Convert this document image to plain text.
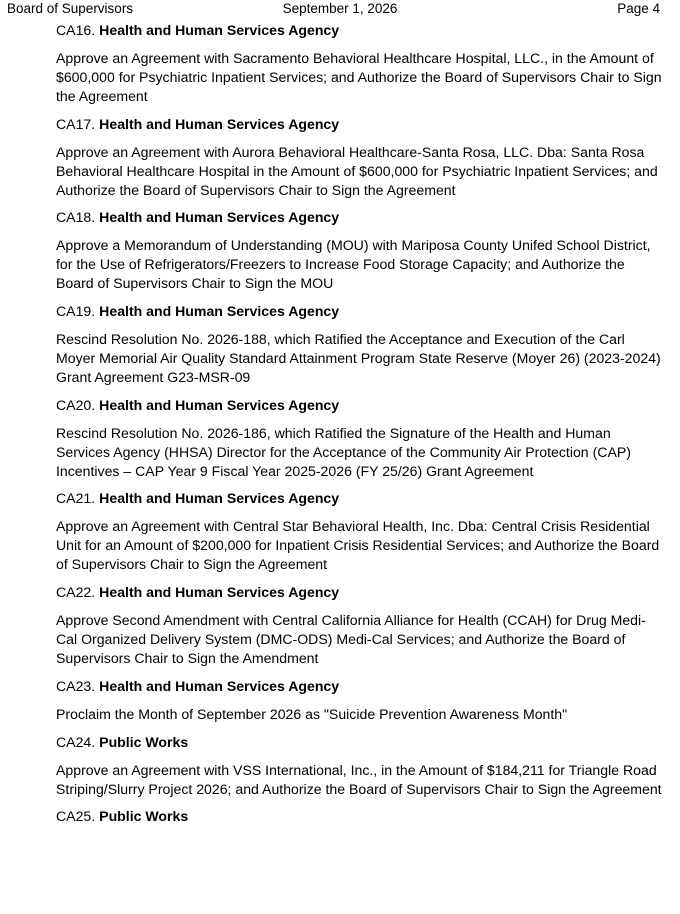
Board of Supervisors	September 1, 2026	Page 4

CA16. Health and Human Services Agency

Approve an Agreement with Sacramento Behavioral Healthcare Hospital, LLC., in the Amount of $600,000 for Psychiatric Inpatient Services; and Authorize the Board of Supervisors Chair to Sign the Agreement

CA17. Health and Human Services Agency

Approve an Agreement with Aurora Behavioral Healthcare-Santa Rosa, LLC. Dba: Santa Rosa Behavioral Healthcare Hospital in the Amount of $600,000 for Psychiatric Inpatient Services; and Authorize the Board of Supervisors Chair to Sign the Agreement

CA18. Health and Human Services Agency

Approve a Memorandum of Understanding (MOU) with Mariposa County Unifed School District, for the Use of Refrigerators/Freezers to Increase Food Storage Capacity; and Authorize the Board of Supervisors Chair to Sign the MOU

CA19. Health and Human Services Agency

Rescind Resolution No. 2026-188, which Ratified the Acceptance and Execution of the Carl Moyer Memorial Air Quality Standard Attainment Program State Reserve (Moyer 26) (2023-2024) Grant Agreement G23-MSR-09

CA20. Health and Human Services Agency

Rescind Resolution No. 2026-186, which Ratified the Signature of the Health and Human Services Agency (HHSA) Director for the Acceptance of the Community Air Protection (CAP) Incentives – CAP Year 9 Fiscal Year 2025-2026 (FY 25/26) Grant Agreement

CA21. Health and Human Services Agency

Approve an Agreement with Central Star Behavioral Health, Inc. Dba: Central Crisis Residential Unit for an Amount of $200,000 for Inpatient Crisis Residential Services; and Authorize the Board of Supervisors Chair to Sign the Agreement

CA22. Health and Human Services Agency

Approve Second Amendment with Central California Alliance for Health (CCAH) for Drug Medi-Cal Organized Delivery System (DMC-ODS) Medi-Cal Services; and Authorize the Board of Supervisors Chair to Sign the Amendment

CA23. Health and Human Services Agency

Proclaim the Month of September 2026 as "Suicide Prevention Awareness Month"

CA24. Public Works

Approve an Agreement with VSS International, Inc., in the Amount of $184,211 for Triangle Road Striping/Slurry Project 2026; and Authorize the Board of Supervisors Chair to Sign the Agreement

CA25. Public Works
